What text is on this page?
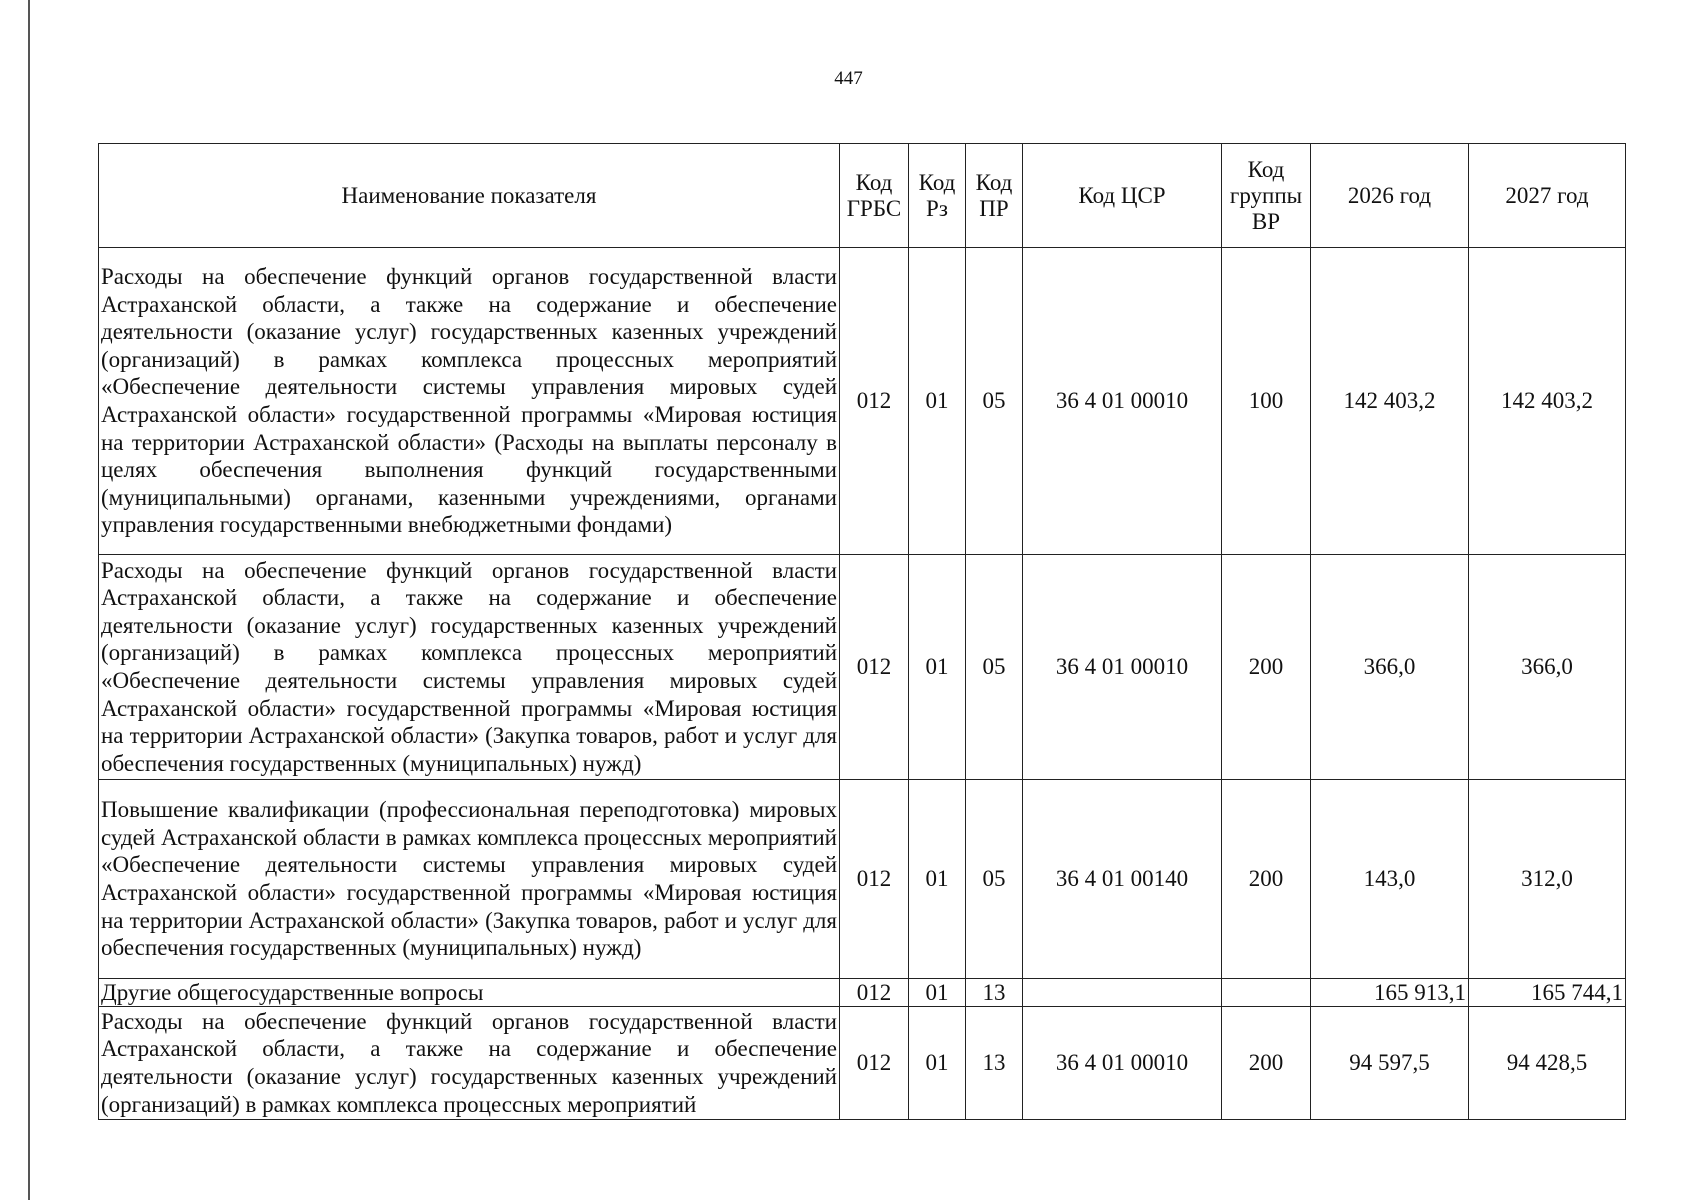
447
Наименование показателя	Код ГРБС	Код Рз	Код ПР	Код ЦСР	Код группы ВР	2026 год	2027 год
Расходы на обеспечение функций органов государственной власти Астраханской области, а также на содержание и обеспечение деятельности (оказание услуг) государственных казенных учреждений (организаций) в рамках комплекса процессных мероприятий «Обеспечение деятельности системы управления мировых судей Астраханской области» государственной программы «Мировая юстиция на территории Астраханской области» (Расходы на выплаты персоналу в целях обеспечения выполнения функций государственными (муниципальными) органами, казенными учреждениями, органами управления государственными внебюджетными фондами)	012	01	05	36 4 01 00010	100	142 403,2	142 403,2
Расходы на обеспечение функций органов государственной власти Астраханской области, а также на содержание и обеспечение деятельности (оказание услуг) государственных казенных учреждений (организаций) в рамках комплекса процессных мероприятий «Обеспечение деятельности системы управления мировых судей Астраханской области» государственной программы «Мировая юстиция на территории Астраханской области» (Закупка товаров, работ и услуг для обеспечения государственных (муниципальных) нужд)	012	01	05	36 4 01 00010	200	366,0	366,0
Повышение квалификации (профессиональная переподготовка) мировых судей Астраханской области в рамках комплекса процессных мероприятий «Обеспечение деятельности системы управления мировых судей Астраханской области» государственной программы «Мировая юстиция на территории Астраханской области» (Закупка товаров, работ и услуг для обеспечения государственных (муниципальных) нужд)	012	01	05	36 4 01 00140	200	143,0	312,0
Другие общегосударственные вопросы	012	01	13			165 913,1	165 744,1
Расходы на обеспечение функций органов государственной власти Астраханской области, а также на содержание и обеспечение деятельности (оказание услуг) государственных казенных учреждений (организаций) в рамках комплекса процессных мероприятий	012	01	13	36 4 01 00010	200	94 597,5	94 428,5
